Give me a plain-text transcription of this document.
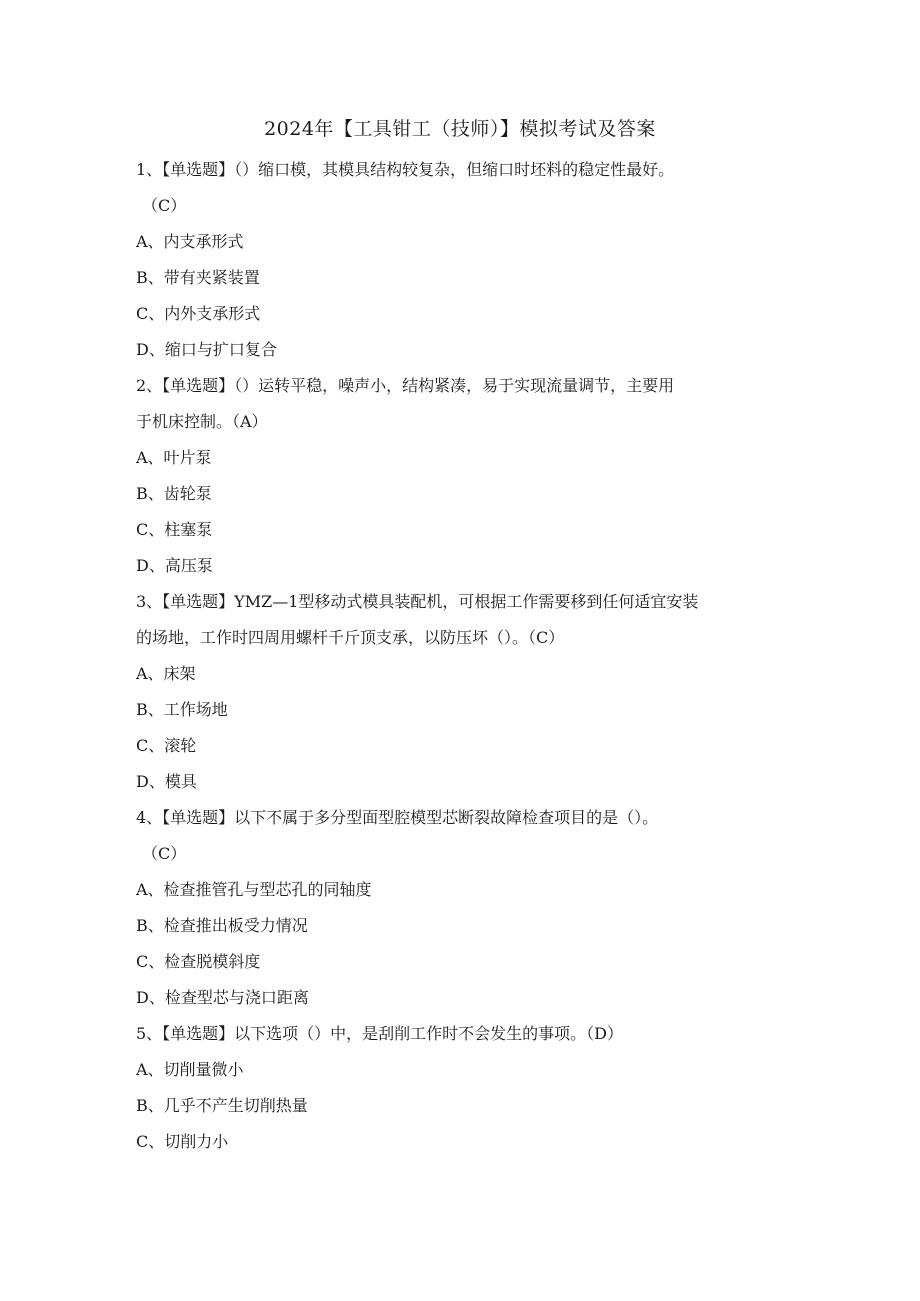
2024年【工具钳工（技师）】模拟考试及答案
1、【单选题】（）缩口模，其模具结构较复杂，但缩口时坯料的稳定性最好。
（C）
A、内支承形式
B、带有夹紧装置
C、内外支承形式
D、缩口与扩口复合
2、【单选题】（）运转平稳，噪声小，结构紧凑，易于实现流量调节，主要用
于机床控制。（A）
A、叶片泵
B、齿轮泵
C、柱塞泵
D、高压泵
3、【单选题】YMZ—1型移动式模具装配机，可根据工作需要移到任何适宜安装
的场地，工作时四周用螺杆千斤顶支承，以防压坏（）。（C）
A、床架
B、工作场地
C、滚轮
D、模具
4、【单选题】以下不属于多分型面型腔模型芯断裂故障检查项目的是（）。
（C）
A、检查推管孔与型芯孔的同轴度
B、检查推出板受力情况
C、检查脱模斜度
D、检查型芯与浇口距离
5、【单选题】以下选项（）中，是刮削工作时不会发生的事项。（D）
A、切削量微小
B、几乎不产生切削热量
C、切削力小
